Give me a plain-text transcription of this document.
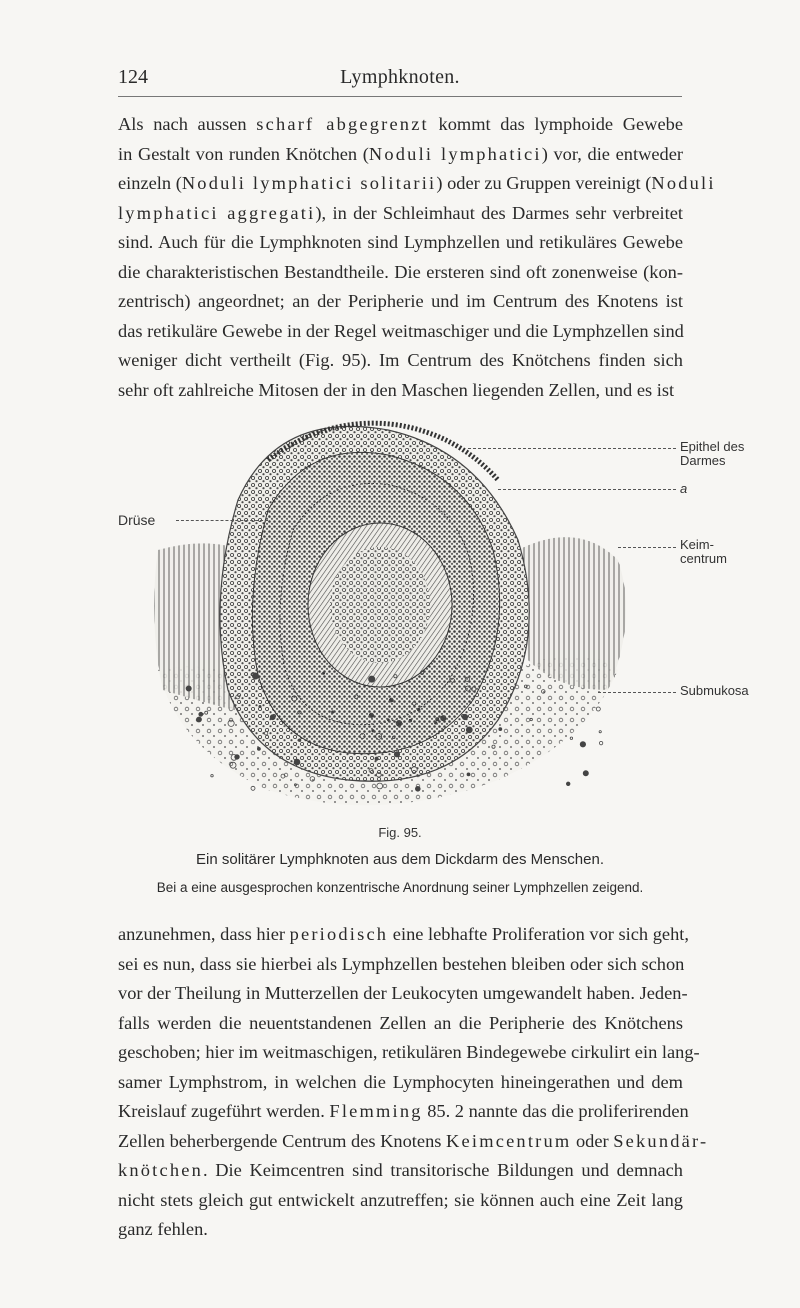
124	Lymphknoten.
Als nach aussen scharf abgegrenzt kommt das lymphoide Gewebe
in Gestalt von runden Knötchen (Noduli lymphatici) vor, die entweder
einzeln (Noduli lymphatici solitarii) oder zu Gruppen vereinigt (Noduli
lymphatici aggregati), in der Schleimhaut des Darmes sehr verbreitet
sind. Auch für die Lymphknoten sind Lymphzellen und retikuläres Gewebe
die charakteristischen Bestandtheile. Die ersteren sind oft zonenweise (kon-
zentrisch) angeordnet; an der Peripherie und im Centrum des Knotens ist
das retikuläre Gewebe in der Regel weitmaschiger und die Lymphzellen sind
weniger dicht vertheilt (Fig. 95). Im Centrum des Knötchens finden sich
sehr oft zahlreiche Mitosen der in den Maschen liegenden Zellen, und es ist
Epithel des Darmes
a
Drüse
Keim- centrum
Submukosa
Fig. 95.
Ein solitärer Lymphknoten aus dem Dickdarm des Menschen.
Bei a eine ausgesprochen konzentrische Anordnung seiner Lymphzellen zeigend.
anzunehmen, dass hier periodisch eine lebhafte Proliferation vor sich geht,
sei es nun, dass sie hierbei als Lymphzellen bestehen bleiben oder sich schon
vor der Theilung in Mutterzellen der Leukocyten umgewandelt haben. Jeden-
falls werden die neuentstandenen Zellen an die Peripherie des Knötchens
geschoben; hier im weitmaschigen, retikulären Bindegewebe cirkulirt ein lang-
samer Lymphstrom, in welchen die Lymphocyten hineingerathen und dem
Kreislauf zugeführt werden. Flemming 85. 2 nannte das die proliferirenden
Zellen beherbergende Centrum des Knotens Keimcentrum oder Sekundär-
knötchen. Die Keimcentren sind transitorische Bildungen und demnach
nicht stets gleich gut entwickelt anzutreffen; sie können auch eine Zeit lang
ganz fehlen.
